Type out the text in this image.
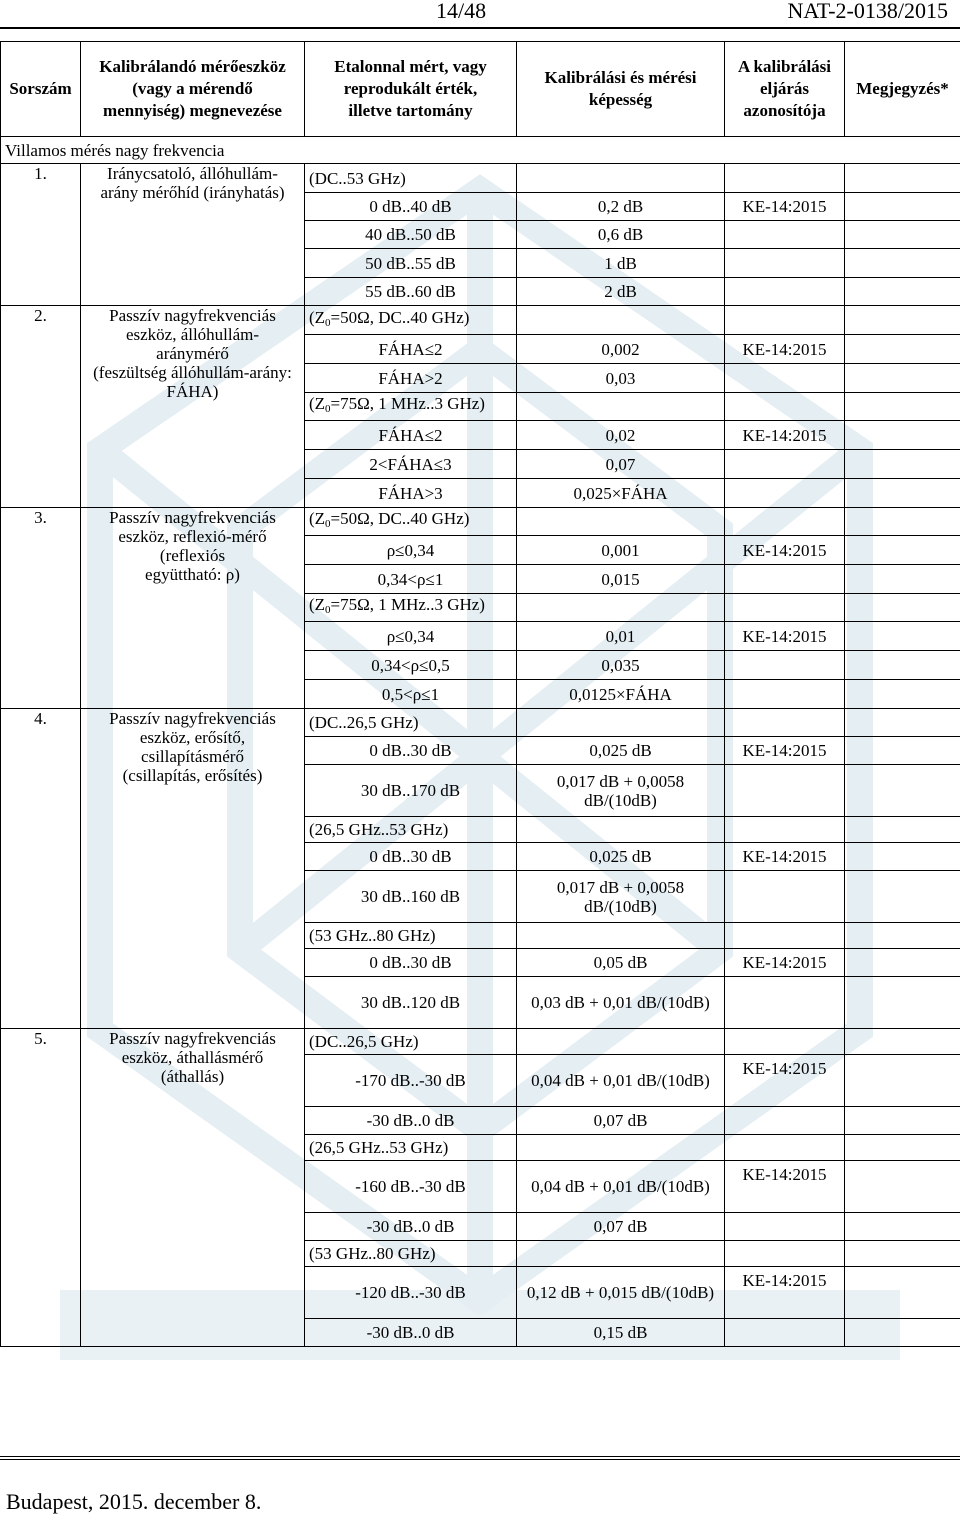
14/48	NAT-2-0138/2015
Sorszám	Kalibrálandó mérőeszköz
(vagy a mérendő
mennyiség) megnevezése	Etalonnal mért, vagy
reprodukált érték,
illetve tartomány	Kalibrálási és mérési
képesség	A kalibrálási
eljárás
azonosítója	Megjegyzés*
Villamos mérés nagy frekvencia					
1.	Iránycsatoló, állóhullám-
arány mérőhíd (irányhatás)	(DC..53 GHz)			
		0 dB..40 dB	0,2 dB	KE-14:2015	
		40 dB..50 dB	0,6 dB		
		50 dB..55 dB	1 dB		
		55 dB..60 dB	2 dB		
2.	Passzív nagyfrekvenciás
eszköz, állóhullám-
aránymérő
(feszültség állóhullám-arány:
FÁHA)	($Z_0=50\Omega$, DC..40 GHz)			
		FÁHA≤2	0,002	KE-14:2015	
		FÁHA>2	0,03		
		($Z_0=75\Omega$, 1 MHz..3 GHz)			
		FÁHA≤2	0,02	KE-14:2015	
		2<FÁHA≤3	0,07		
		FÁHA>3	0,025×FÁHA		
3.	Passzív nagyfrekvenciás
eszköz, reflexió-mérő
(reflexiós
együttható: ρ)	($Z_0=50\Omega$, DC..40 GHz)			
		ρ≤0,34	0,001	KE-14:2015	
		0,34<ρ≤1	0,015		
		($Z_0=75\Omega$, 1 MHz..3 GHz)			
		ρ≤0,34	0,01	KE-14:2015	
		0,34<ρ≤0,5	0,035		
		0,5<ρ≤1	0,0125×FÁHA		
4.	Passzív nagyfrekvenciás
eszköz, erősítő,
csillapításmérő
(csillapítás, erősítés)	(DC..26,5 GHz)			
		0 dB..30 dB	0,025 dB	KE-14:2015	
		30 dB..170 dB	0,017 dB + 0,0058 dB/(10dB)		
		(26,5 GHz..53 GHz)			
		0 dB..30 dB	0,025 dB	KE-14:2015	
		30 dB..160 dB	0,017 dB + 0,0058 dB/(10dB)		
		(53 GHz..80 GHz)			
		0 dB..30 dB	0,05 dB	KE-14:2015	
		30 dB..120 dB	0,03 dB + 0,01 dB/(10dB)		
5.	Passzív nagyfrekvenciás
eszköz, áthallásmérő
(áthallás)	(DC..26,5 GHz)			
		-170 dB..-30 dB	0,04 dB + 0,01 dB/(10dB)	KE-14:2015	
		-30 dB..0 dB	0,07 dB		
		(26,5 GHz..53 GHz)			
		-160 dB..-30 dB	0,04 dB + 0,01 dB/(10dB)	KE-14:2015	
		-30 dB..0 dB	0,07 dB		
		(53 GHz..80 GHz)			
		-120 dB..-30 dB	0,12 dB + 0,015 dB/(10dB)	KE-14:2015	
		-30 dB..0 dB	0,15 dB		
Budapest, 2015. december 8.
